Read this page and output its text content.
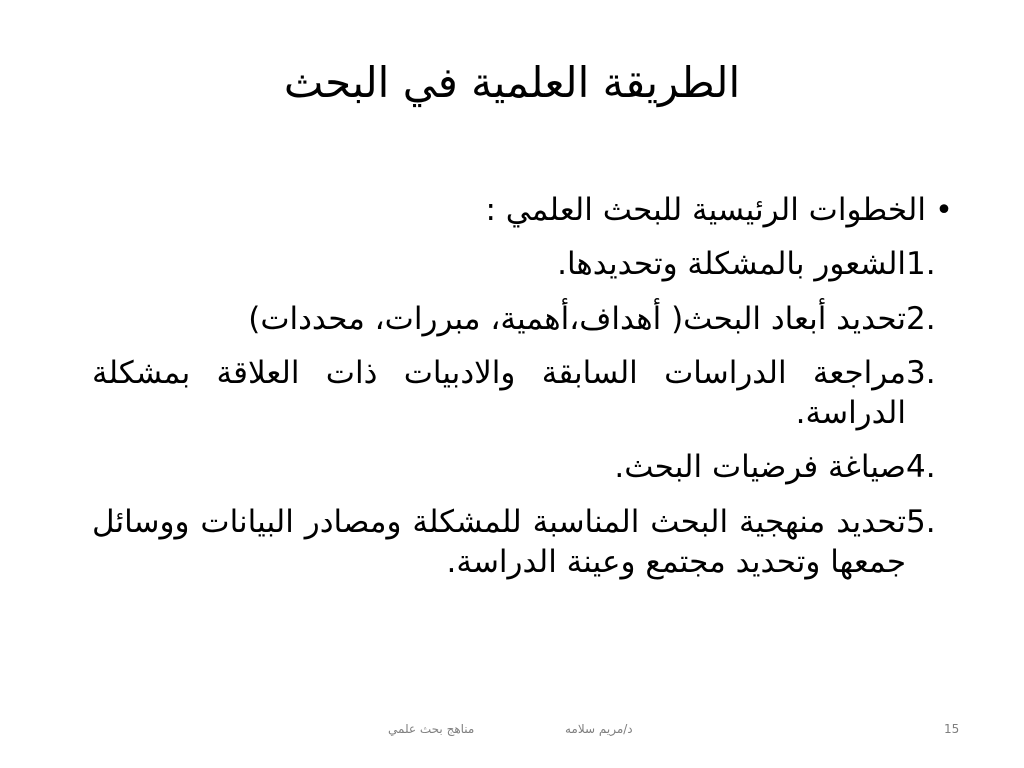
الطريقة العلمية في البحث
•
الخطوات الرئيسية للبحث العلمي :
1.
الشعور بالمشكلة وتحديدها.
2.
تحديد أبعاد البحث( أهداف،أهمية، مبررات، محددات)
3.
مراجعة الدراسات السابقة والادبيات ذات العلاقة بمشكلة الدراسة.
4.
صياغة فرضيات البحث.
5.
تحديد منهجية البحث المناسبة للمشكلة ومصادر البيانات ووسائل جمعها وتحديد مجتمع وعينة الدراسة.
مناهج بحث علمي	د/مريم سلامه	15
